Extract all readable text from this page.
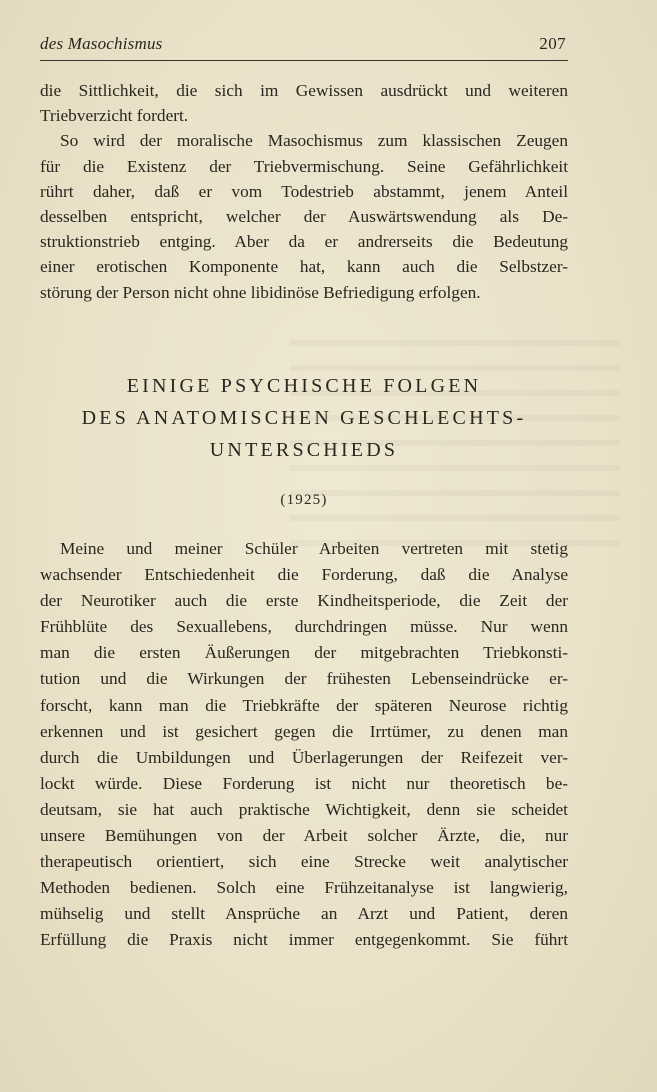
des Masochismus	207
die Sittlichkeit, die sich im Gewissen ausdrückt und weiteren
Triebverzicht fordert.
So wird der moralische Masochismus zum klassischen Zeugen
für die Existenz der Triebvermischung. Seine Gefährlichkeit
rührt daher, daß er vom Todestrieb abstammt, jenem Anteil
desselben entspricht, welcher der Auswärtswendung als De-
struktionstrieb entging. Aber da er andrerseits die Bedeutung
einer erotischen Komponente hat, kann auch die Selbstzer-
störung der Person nicht ohne libidinöse Befriedigung erfolgen.
EINIGE PSYCHISCHE FOLGEN
DES ANATOMISCHEN GESCHLECHTS-
UNTERSCHIEDS
(1925)
Meine und meiner Schüler Arbeiten vertreten mit stetig
wachsender Entschiedenheit die Forderung, daß die Analyse
der Neurotiker auch die erste Kindheitsperiode, die Zeit der
Frühblüte des Sexuallebens, durchdringen müsse. Nur wenn
man die ersten Äußerungen der mitgebrachten Triebkonsti-
tution und die Wirkungen der frühesten Lebenseindrücke er-
forscht, kann man die Triebkräfte der späteren Neurose richtig
erkennen und ist gesichert gegen die Irrtümer, zu denen man
durch die Umbildungen und Überlagerungen der Reifezeit ver-
lockt würde. Diese Forderung ist nicht nur theoretisch be-
deutsam, sie hat auch praktische Wichtigkeit, denn sie scheidet
unsere Bemühungen von der Arbeit solcher Ärzte, die, nur
therapeutisch orientiert, sich eine Strecke weit analytischer
Methoden bedienen. Solch eine Frühzeitanalyse ist langwierig,
mühselig und stellt Ansprüche an Arzt und Patient, deren
Erfüllung die Praxis nicht immer entgegenkommt. Sie führt
